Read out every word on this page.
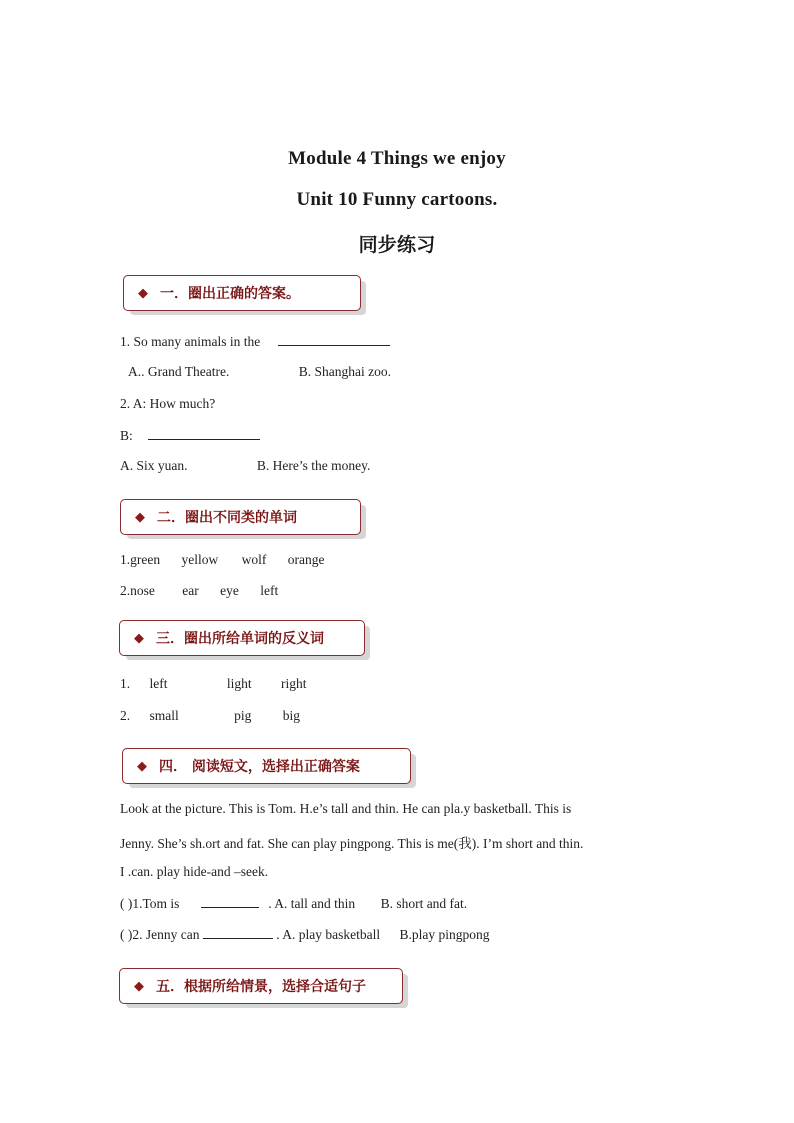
Module 4 Things we enjoy
Unit 10 Funny cartoons.
同步练习
◆ 一．圈出正确的答案。
1. So many animals in the
A.. Grand Theatre.	B. Shanghai zoo.
2. A: How much?
B:
A. Six yuan.	B. Here’s the money.
◆ 二．圈出不同类的单词
1.green yellow wolf orange
2.nose ear eye left
◆ 三．圈出所给单词的反义词
1. left	light right
2. small	pig big
◆ 四． 阅读短文，选择出正确答案
Look at the picture. This is Tom. H.e’s tall and thin. He can pla.y basketball. This is
Jenny. She’s sh.ort and fat. She can play pingpong. This is me(我). I’m short and thin.
I .can. play hide-and –seek.
( )1.Tom is	. A. tall and thin B. short and fat.
( )2. Jenny can	. A. play basketball B.play pingpong
◆ 五．根据所给情景，选择合适句子
